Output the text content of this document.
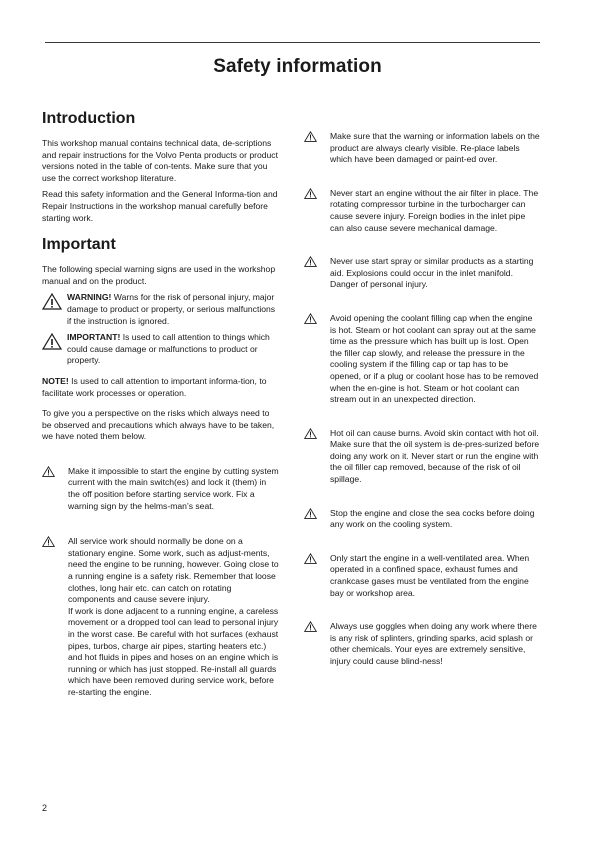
Safety information
Introduction

This workshop manual contains technical data, de-scriptions and repair instructions for the Volvo Penta products or product versions noted in the table of con-tents. Make sure that you use the correct workshop literature.

Read this safety information and the General Informa-tion and Repair Instructions in the workshop manual carefully before starting work.

Important

The following special warning signs are used in the workshop manual and on the product.

WARNING! Warns for the risk of personal injury, major damage to product or property, or serious malfunctions if the instruction is ignored.
IMPORTANT! Is used to call attention to things which could cause damage or malfunctions to product or property.

NOTE! Is used to call attention to important informa-tion, to facilitate work processes or operation.

To give you a perspective on the risks which always need to be observed and precautions which always have to be taken, we have noted them below.

Make it impossible to start the engine by cutting system current with the main switch(es) and lock it (them) in the off position before starting service work. Fix a warning sign by the helms-man’s seat.
All service work should normally be done on a stationary engine. Some work, such as adjust-ments, need the engine to be running, however. Going close to a running engine is a safety risk. Remember that loose clothes, long hair etc. can catch on rotating components and cause severe injury.
If work is done adjacent to a running engine, a careless movement or a dropped tool can lead to personal injury in the worst case. Be careful with hot surfaces (exhaust pipes, turbos, charge air pipes, starting heaters etc.) and hot fluids in pipes and hoses on an engine which is running or which has just stopped. Re-install all guards which have been removed during service work, before re-starting the engine.
Make sure that the warning or information labels on the product are always clearly visible. Re-place labels which have been damaged or paint-ed over.
Never start an engine without the air filter in place. The rotating compressor turbine in the turbocharger can cause severe injury. Foreign bodies in the inlet pipe can also cause severe mechanical damage.
Never use start spray or similar products as a starting aid. Explosions could occur in the inlet manifold. Danger of personal injury.
Avoid opening the coolant filling cap when the engine is hot. Steam or hot coolant can spray out at the same time as the pressure which has built up is lost. Open the filler cap slowly, and release the pressure in the cooling system if the filling cap or tap has to be opened, or if a plug or coolant hose has to be removed when the en-gine is hot. Steam or hot coolant can stream out in an unexpected direction.
Hot oil can cause burns. Avoid skin contact with hot oil. Make sure that the oil system is de-pres-surized before doing any work on it. Never start or run the engine with the oil filler cap removed, because of the risk of oil spillage.
Stop the engine and close the sea cocks before doing any work on the cooling system.
Only start the engine in a well-ventilated area. When operated in a confined space, exhaust fumes and crankcase gases must be ventilated from the engine bay or workshop area.
Always use goggles when doing any work where there is any risk of splinters, grinding sparks, acid splash or other chemicals. Your eyes are extremely sensitive, injury could cause blind-ness!
2
